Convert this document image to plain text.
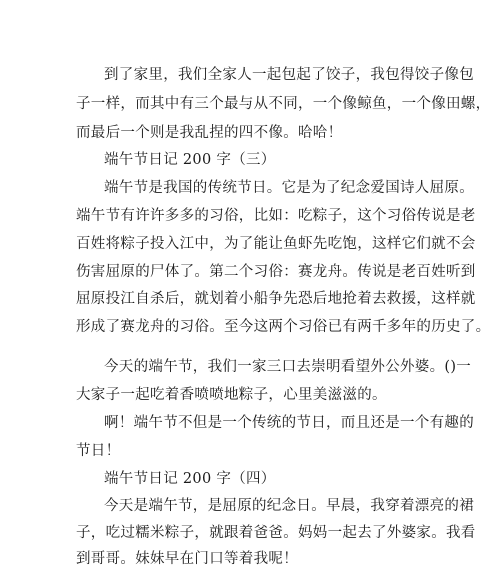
到了家里，我们全家人一起包起了饺子，我包得饺子像包
子一样，而其中有三个最与从不同，一个像鲸鱼，一个像田螺，
而最后一个则是我乱捏的四不像。哈哈！
端午节日记 200 字（三）
端午节是我国的传统节日。它是为了纪念爱国诗人屈原。
端午节有许许多多的习俗，比如：吃粽子，这个习俗传说是老
百姓将粽子投入江中，为了能让鱼虾先吃饱，这样它们就不会
伤害屈原的尸体了。第二个习俗：赛龙舟。传说是老百姓听到
屈原投江自杀后，就划着小船争先恐后地抢着去救援，这样就
形成了赛龙舟的习俗。至今这两个习俗已有两千多年的历史了。
今天的端午节，我们一家三口去崇明看望外公外婆。()一
大家子一起吃着香喷喷地粽子，心里美滋滋的。
啊！端午节不但是一个传统的节日，而且还是一个有趣的
节日！
端午节日记 200 字（四）
今天是端午节，是屈原的纪念日。早晨，我穿着漂亮的裙
子，吃过糯米粽子，就跟着爸爸。妈妈一起去了外婆家。我看
到哥哥。妹妹早在门口等着我呢！
